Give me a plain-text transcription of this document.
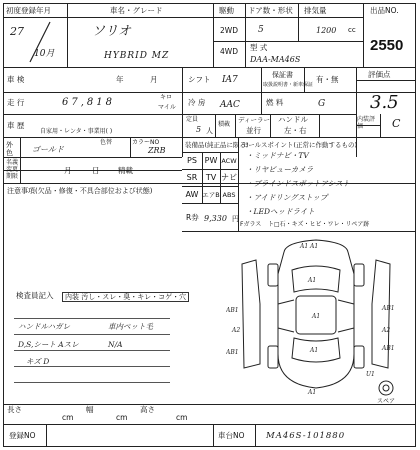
初度登録年月
27
10月
車名・グレード
ソリオ
HYBRID MZ
駆動
2WD
4WD
ドア数・形状
5
排気量
1200 cc
型 式
DAA-MA46S
出品NO.
2550
車 検	年	月	シフト IA7	保証書
取扱説明書・新車保証
有・無
評価点
3.5
走 行	67,818	キロ
マイル
冷 房 AAC	燃 料	G
車 歴
自家用・レンタ・事業用( )
定員
5 人
積載
ディーラー
並行
ハンドル
左・右
内装評価	C
外色	ゴールド
カラーNO
ZRB
色替
名義変更期限
月	日 精載
装備品(純正品に限る)
PS PW ACW
SR	TV ナビ
AW エアB ABS
R券 9,330 円
Fガラス ト□石・キズ・ヒビ・ワレ・リペア跡
セールスポイント(正常に作動するもの)
・ミッドナビ・TV
・リヤビューカメラ
・ブラインドスポットアシスト
・アイドリングストップ
・LEDヘッドライト
注意事項(欠品・修復・不具合部位および状態)
検査員記入	内装 汚し・スレ・臭・キレ・コゲ・穴
ハンドルハガレ	車内ペット毛
D,S,シート Aスレ	N/A
キズ D
A1 A1
A1
A1
A1
A1
AB1
AB1
A2
AB1
AB1
A2
U1
スペア
長さ
cm
幅
cm
高さ
cm
登録NO	車台NO	MA46S-101880
